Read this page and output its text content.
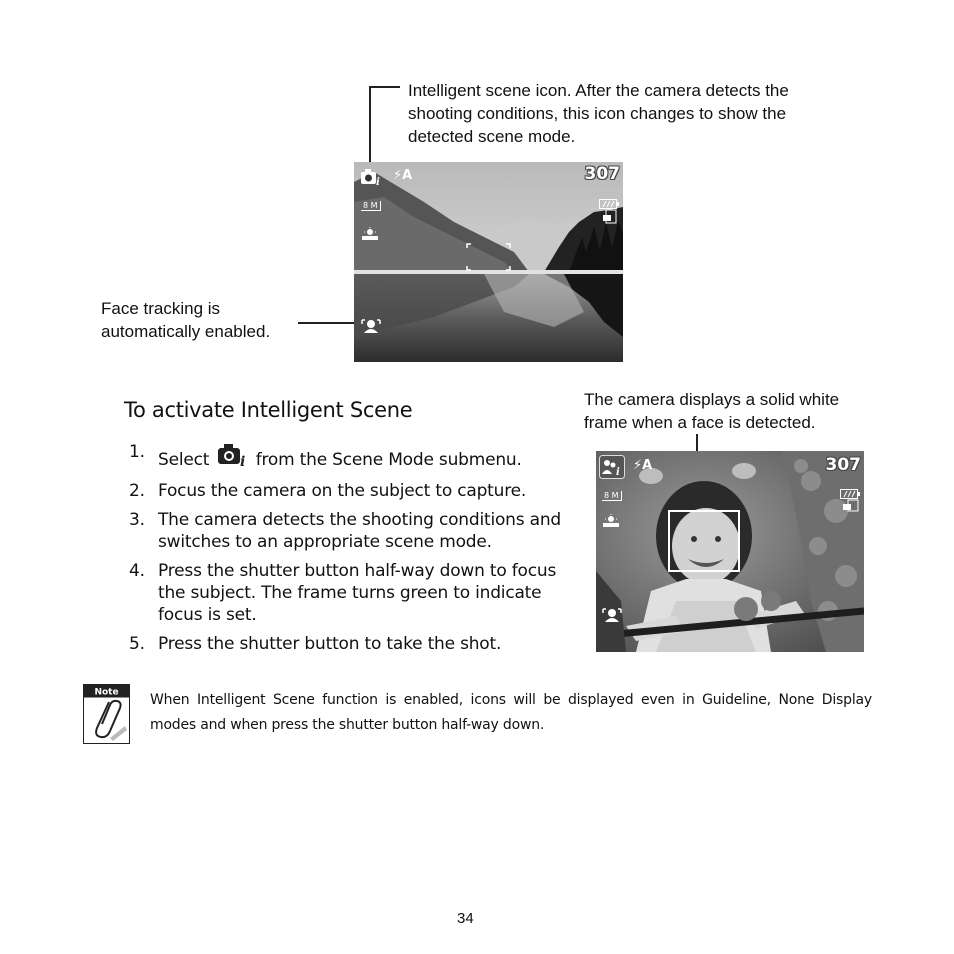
Intelligent scene icon. After the camera detects the shooting conditions, this icon changes to show the detected scene mode.
Face tracking is automatically enabled.
i ⚡A	307
8 M
To activate Intelligent Scene
1. Select i from the Scene Mode submenu.
2. Focus the camera on the subject to capture.
3. The camera detects the shooting conditions and switches to an appropriate scene mode.
4. Press the shutter button half-way down to focus the subject. The frame turns green to indicate focus is set.
5. Press the shutter button to take the shot.
The camera displays a solid white frame when a face is detected.
i ⚡A	307
8 M
Note When Intelligent Scene function is enabled, icons will be displayed even in Guideline, None Display modes and when press the shutter button half-way down.
34
